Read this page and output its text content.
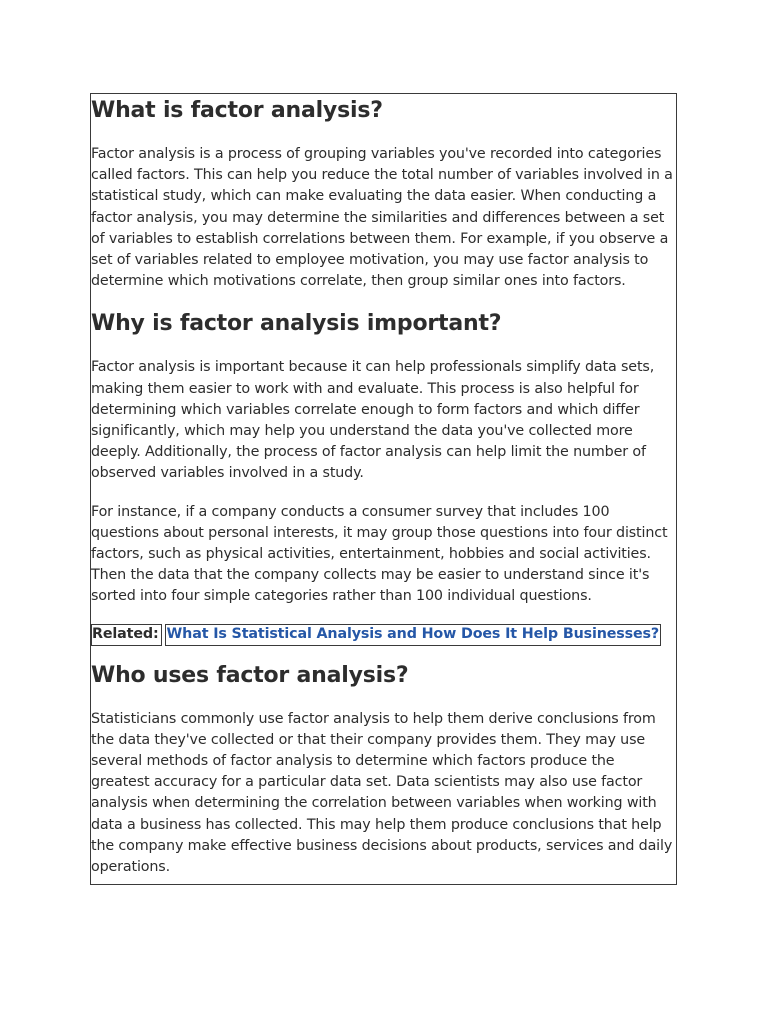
What is factor analysis?

Factor analysis is a process of grouping variables you've recorded into categories called factors. This can help you reduce the total number of variables involved in a statistical study, which can make evaluating the data easier. When conducting a factor analysis, you may determine the similarities and differences between a set of variables to establish correlations between them. For example, if you observe a set of variables related to employee motivation, you may use factor analysis to determine which motivations correlate, then group similar ones into factors.

Why is factor analysis important?

Factor analysis is important because it can help professionals simplify data sets, making them easier to work with and evaluate. This process is also helpful for determining which variables correlate enough to form factors and which differ significantly, which may help you understand the data you've collected more deeply. Additionally, the process of factor analysis can help limit the number of observed variables involved in a study.

For instance, if a company conducts a consumer survey that includes 100 questions about personal interests, it may group those questions into four distinct factors, such as physical activities, entertainment, hobbies and social activities. Then the data that the company collects may be easier to understand since it's sorted into four simple categories rather than 100 individual questions.

Related: What Is Statistical Analysis and How Does It Help Businesses?
Who uses factor analysis?

Statisticians commonly use factor analysis to help them derive conclusions from the data they've collected or that their company provides them. They may use several methods of factor analysis to determine which factors produce the greatest accuracy for a particular data set. Data scientists may also use factor analysis when determining the correlation between variables when working with data a business has collected. This may help them produce conclusions that help the company make effective business decisions about products, services and daily operations.
